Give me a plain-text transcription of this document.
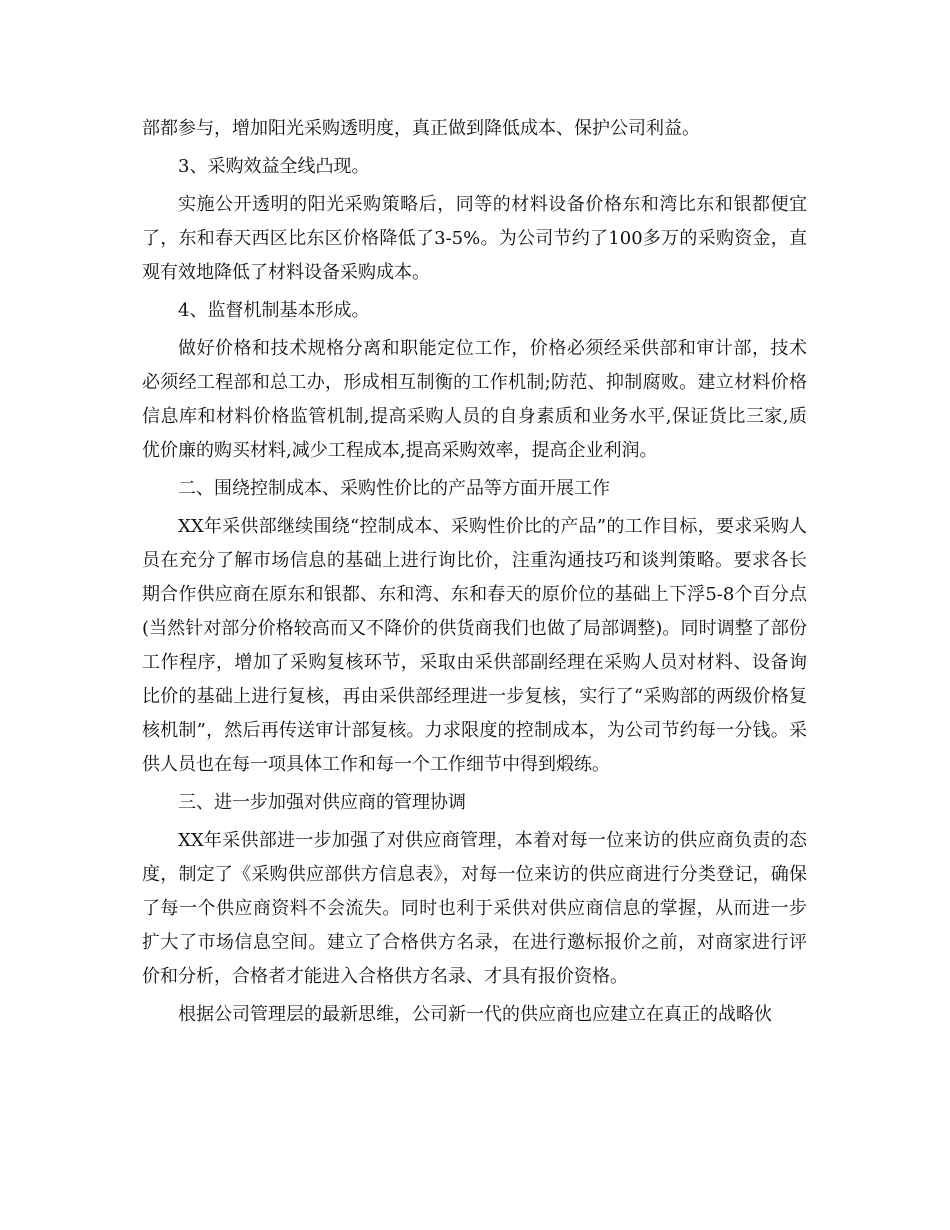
部都参与，增加阳光采购透明度，真正做到降低成本、保护公司利益。

3、采购效益全线凸现。

实施公开透明的阳光采购策略后，同等的材料设备价格东和湾比东和银都便宜了，东和春天西区比东区价格降低了3-5%。为公司节约了100多万的采购资金，直观有效地降低了材料设备采购成本。

4、监督机制基本形成。

做好价格和技术规格分离和职能定位工作，价格必须经采供部和审计部，技术必须经工程部和总工办，形成相互制衡的工作机制;防范、抑制腐败。建立材料价格信息库和材料价格监管机制,提高采购人员的自身素质和业务水平,保证货比三家,质优价廉的购买材料,减少工程成本,提高采购效率，提高企业利润。

二、围绕控制成本、采购性价比的产品等方面开展工作

XX年采供部继续围绕“控制成本、采购性价比的产品”的工作目标，要求采购人员在充分了解市场信息的基础上进行询比价，注重沟通技巧和谈判策略。要求各长期合作供应商在原东和银都、东和湾、东和春天的原价位的基础上下浮5-8个百分点(当然针对部分价格较高而又不降价的供货商我们也做了局部调整)。同时调整了部份工作程序，增加了采购复核环节，采取由采供部副经理在采购人员对材料、设备询比价的基础上进行复核，再由采供部经理进一步复核，实行了“采购部的两级价格复核机制”，然后再传送审计部复核。力求限度的控制成本，为公司节约每一分钱。采供人员也在每一项具体工作和每一个工作细节中得到煅练。

三、进一步加强对供应商的管理协调

XX年采供部进一步加强了对供应商管理，本着对每一位来访的供应商负责的态度，制定了《采购供应部供方信息表》，对每一位来访的供应商进行分类登记，确保了每一个供应商资料不会流失。同时也利于采供对供应商信息的掌握，从而进一步扩大了市场信息空间。建立了合格供方名录，在进行邀标报价之前，对商家进行评价和分析，合格者才能进入合格供方名录、才具有报价资格。

根据公司管理层的最新思维，公司新一代的供应商也应建立在真正的战略伙
